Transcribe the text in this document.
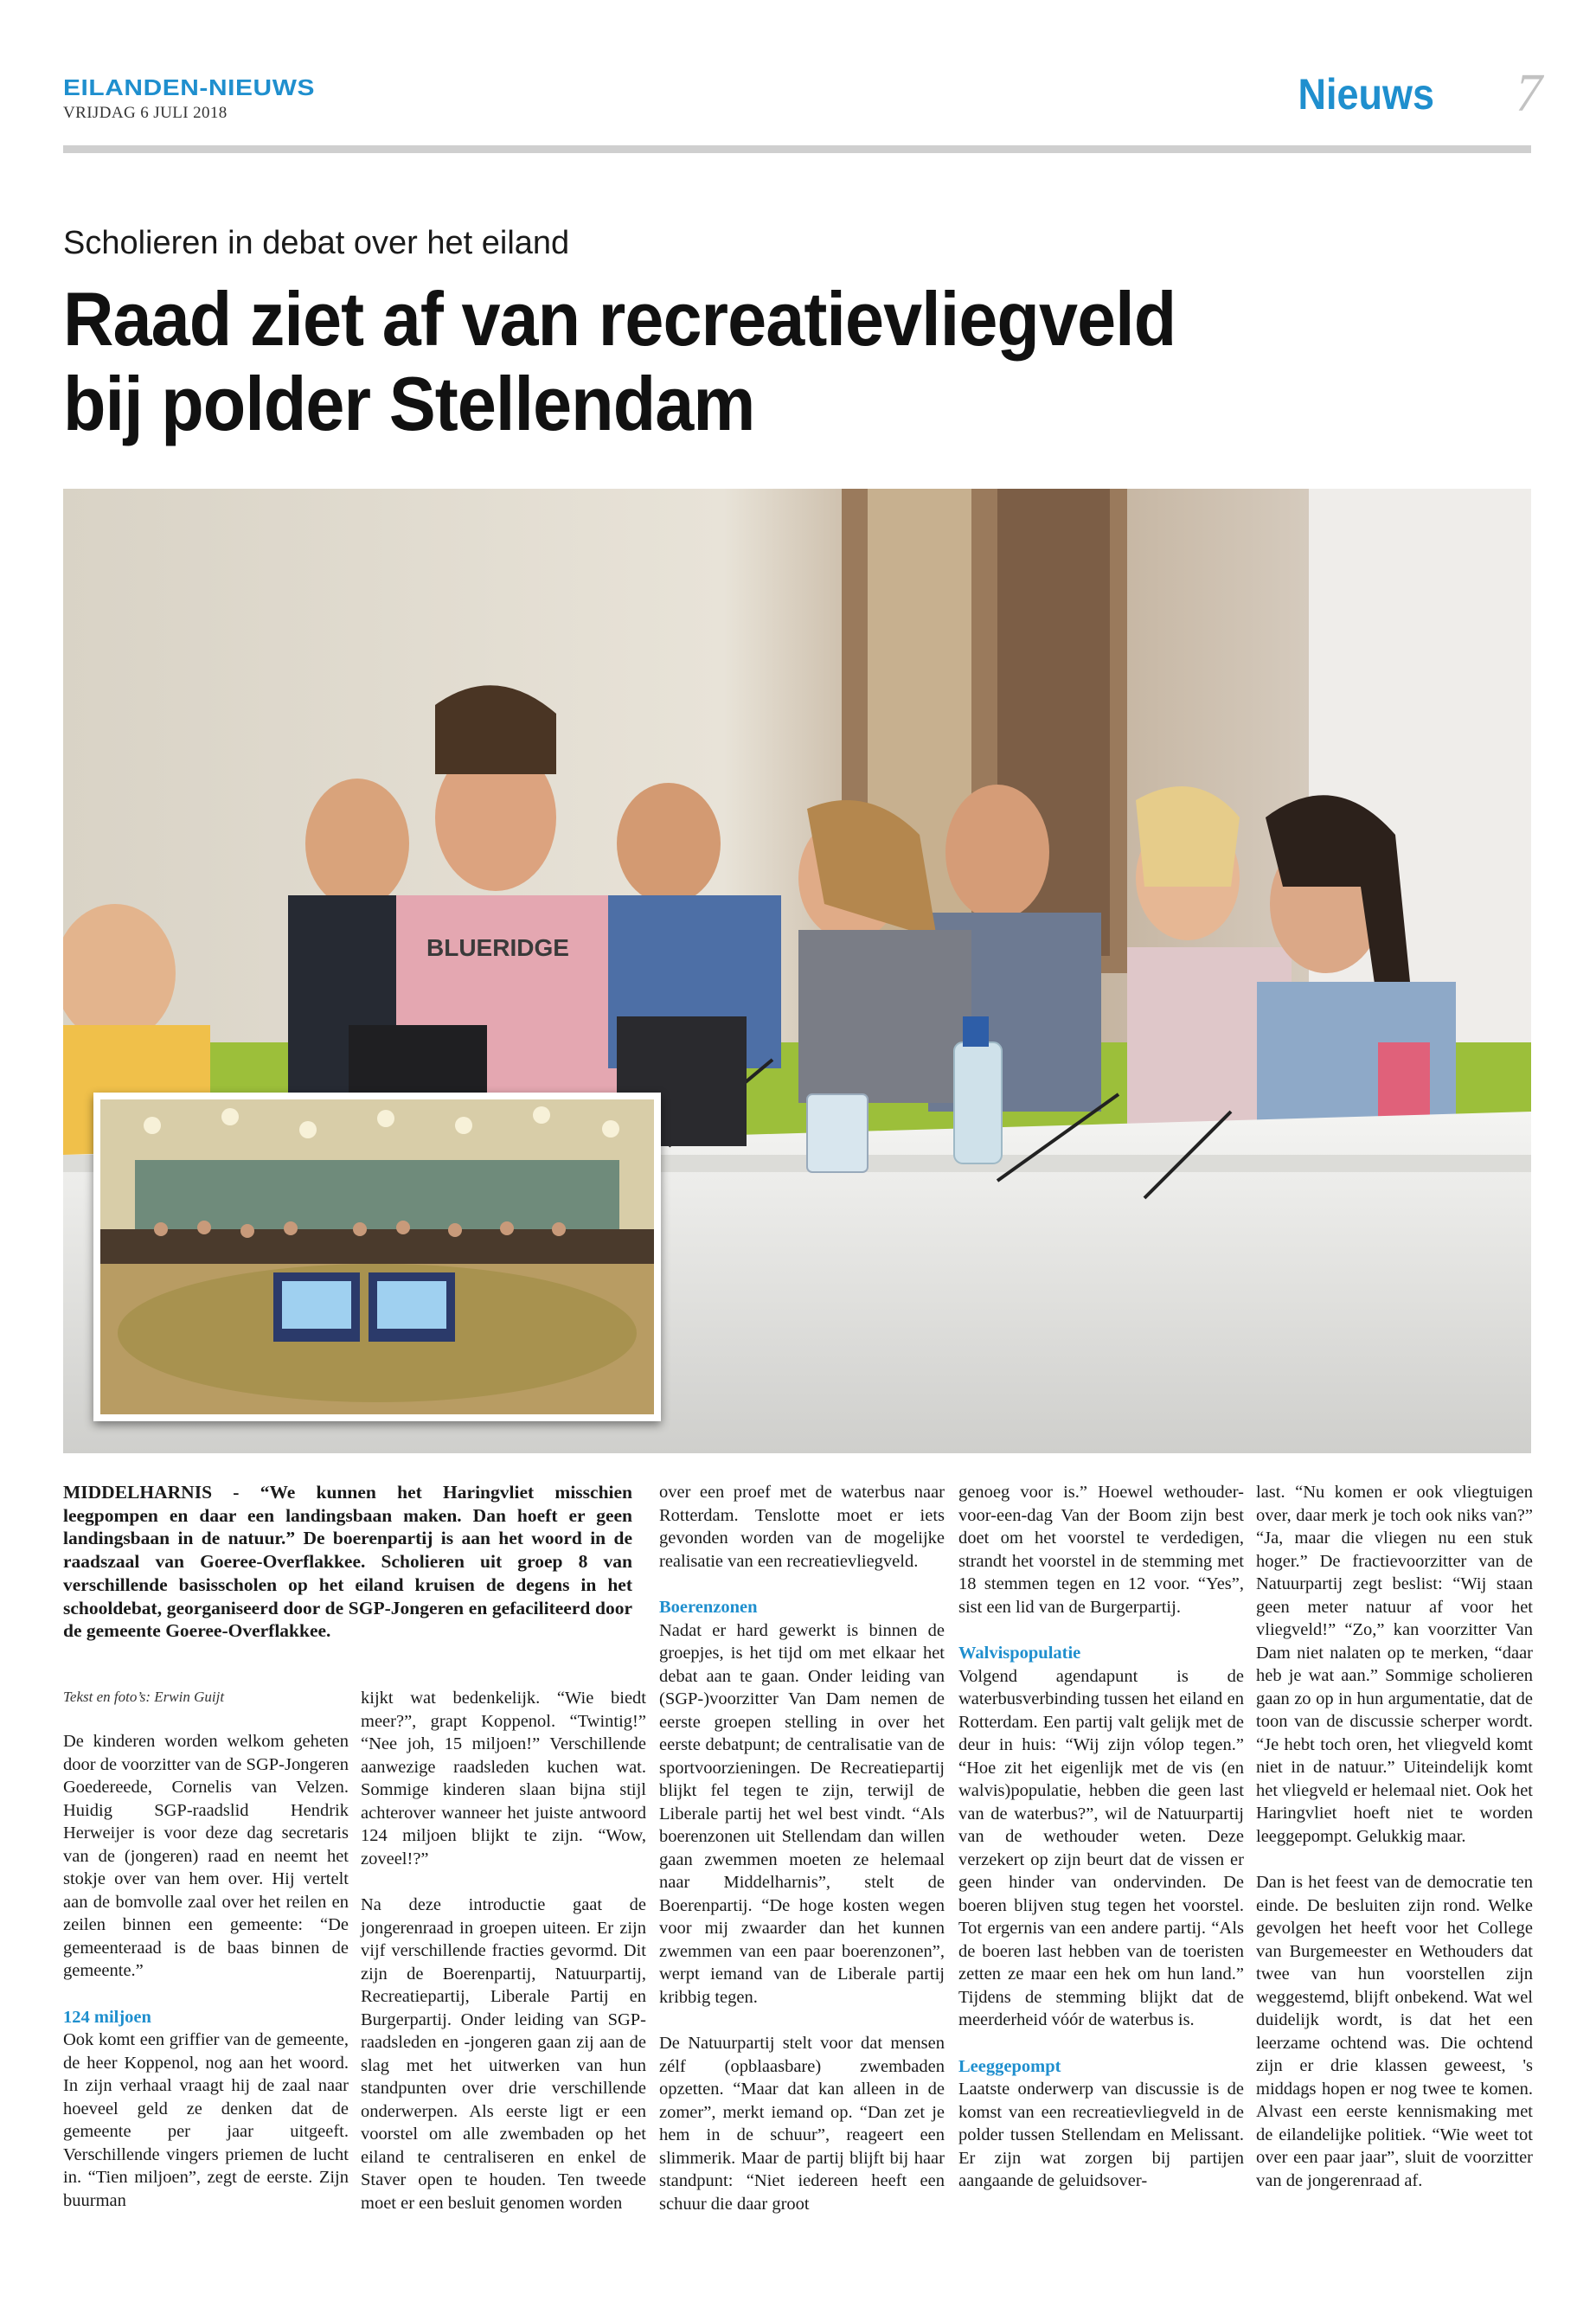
EILANDEN-NIEUWS
VRIJDAG 6 JULI 2018	Nieuws 7
Scholieren in debat over het eiland
Raad ziet af van recreatievliegveld
bij polder Stellendam
BLUERIDGE
MIDDELHARNIS - “We kunnen het Haringvliet misschien leegpompen en daar een landingsbaan maken. Dan hoeft er geen landingsbaan in de natuur.” De boerenpartij is aan het woord in de raadszaal van Goeree-Overflakkee. Scholieren uit groep 8 van verschillende basisscholen op het eiland kruisen de degens in het schooldebat, georganiseerd door de SGP-Jongeren en gefaciliteerd door de gemeente Goeree-Overflakkee.
Tekst en foto’s: Erwin Guijt

De kinderen worden welkom geheten door de voorzitter van de SGP-Jongeren Goedereede, Cornelis van Velzen. Huidig SGP-raadslid Hendrik Herweijer is voor deze dag secretaris van de (jongeren) raad en neemt het stokje over van hem over. Hij vertelt aan de bomvolle zaal over het reilen en zeilen binnen een gemeente: “De gemeenteraad is de baas binnen de gemeente.”

124 miljoen

Ook komt een griffier van de gemeente, de heer Koppenol, nog aan het woord. In zijn verhaal vraagt hij de zaal naar hoeveel geld ze denken dat de gemeente per jaar uitgeeft. Verschillende vingers priemen de lucht in. “Tien miljoen”, zegt de eerste. Zijn buurman

kijkt wat bedenkelijk. “Wie biedt meer?”, grapt Koppenol. “Twintig!” “Nee joh, 15 miljoen!” Verschillende aanwezige raadsleden kuchen wat. Sommige kinderen slaan bijna stijl achterover wanneer het juiste antwoord 124 miljoen blijkt te zijn. “Wow, zoveel!?”

Na deze introductie gaat de jongerenraad in groepen uiteen. Er zijn vijf verschillende fracties gevormd. Dit zijn de Boerenpartij, Natuurpartij, Recreatiepartij, Liberale Partij en Burgerpartij. Onder leiding van SGP-raadsleden en -jongeren gaan zij aan de slag met het uitwerken van hun standpunten over drie verschillende onderwerpen. Als eerste ligt er een voorstel om alle zwembaden op het eiland te centraliseren en enkel de Staver open te houden. Ten tweede moet er een besluit genomen worden

over een proef met de waterbus naar Rotterdam. Tenslotte moet er iets gevonden worden van de mogelijke realisatie van een recreatievliegveld.

Boerenzonen

Nadat er hard gewerkt is binnen de groepjes, is het tijd om met elkaar het debat aan te gaan. Onder leiding van (SGP-)voorzitter Van Dam nemen de eerste groepen stelling in over het eerste debatpunt; de centralisatie van de sportvoorzieningen. De Recreatiepartij blijkt fel tegen te zijn, terwijl de Liberale partij het wel best vindt. “Als boerenzonen uit Stellendam dan willen gaan zwemmen moeten ze helemaal naar Middelharnis”, stelt de Boerenpartij. “De hoge kosten wegen voor mij zwaarder dan het kunnen zwemmen van een paar boerenzonen”, werpt iemand van de Liberale partij kribbig tegen.

De Natuurpartij stelt voor dat mensen zélf (opblaasbare) zwembaden opzetten. “Maar dat kan alleen in de zomer”, merkt iemand op. “Dan zet je hem in de schuur”, reageert een slimmerik. Maar de partij blijft bij haar standpunt: “Niet iedereen heeft een schuur die daar groot

genoeg voor is.” Hoewel wethouder-voor-een-dag Van der Boom zijn best doet om het voorstel te verdedigen, strandt het voorstel in de stemming met 18 stemmen tegen en 12 voor. “Yes”, sist een lid van de Burgerpartij.

Walvispopulatie

Volgend agendapunt is de waterbusverbinding tussen het eiland en Rotterdam. Een partij valt gelijk met de deur in huis: “Wij zijn vólop tegen.” “Hoe zit het eigenlijk met de vis (en walvis)populatie, hebben die geen last van de waterbus?”, wil de Natuurpartij van de wethouder weten. Deze verzekert op zijn beurt dat de vissen er geen hinder van ondervinden. De boeren blijven stug tegen het voorstel. Tot ergernis van een andere partij. “Als de boeren last hebben van de toeristen zetten ze maar een hek om hun land.” Tijdens de stemming blijkt dat de meerderheid vóór de waterbus is.

Leeggepompt

Laatste onderwerp van discussie is de komst van een recreatievliegveld in de polder tussen Stellendam en Melissant. Er zijn wat zorgen bij partijen aangaande de geluidsover-

last. “Nu komen er ook vliegtuigen over, daar merk je toch ook niks van?” “Ja, maar die vliegen nu een stuk hoger.” De fractievoorzitter van de Natuurpartij zegt beslist: “Wij staan geen meter natuur af voor het vliegveld!” “Zo,” kan voorzitter Van Dam niet nalaten op te merken, “daar heb je wat aan.” Sommige scholieren gaan zo op in hun argumentatie, dat de toon van de discussie scherper wordt. “Je hebt toch oren, het vliegveld komt niet in de natuur.” Uiteindelijk komt het vliegveld er helemaal niet. Ook het Haringvliet hoeft niet te worden leeggepompt. Gelukkig maar.

Dan is het feest van de democratie ten einde. De besluiten zijn rond. Welke gevolgen het heeft voor het College van Burgemeester en Wethouders dat twee van hun voorstellen zijn weggestemd, blijft onbekend. Wat wel duidelijk wordt, is dat het een leerzame ochtend was. Die ochtend zijn er drie klassen geweest, 's middags hopen er nog twee te komen. Alvast een eerste kennismaking met de eilandelijke politiek. “Wie weet tot over een paar jaar”, sluit de voorzitter van de jongerenraad af.
